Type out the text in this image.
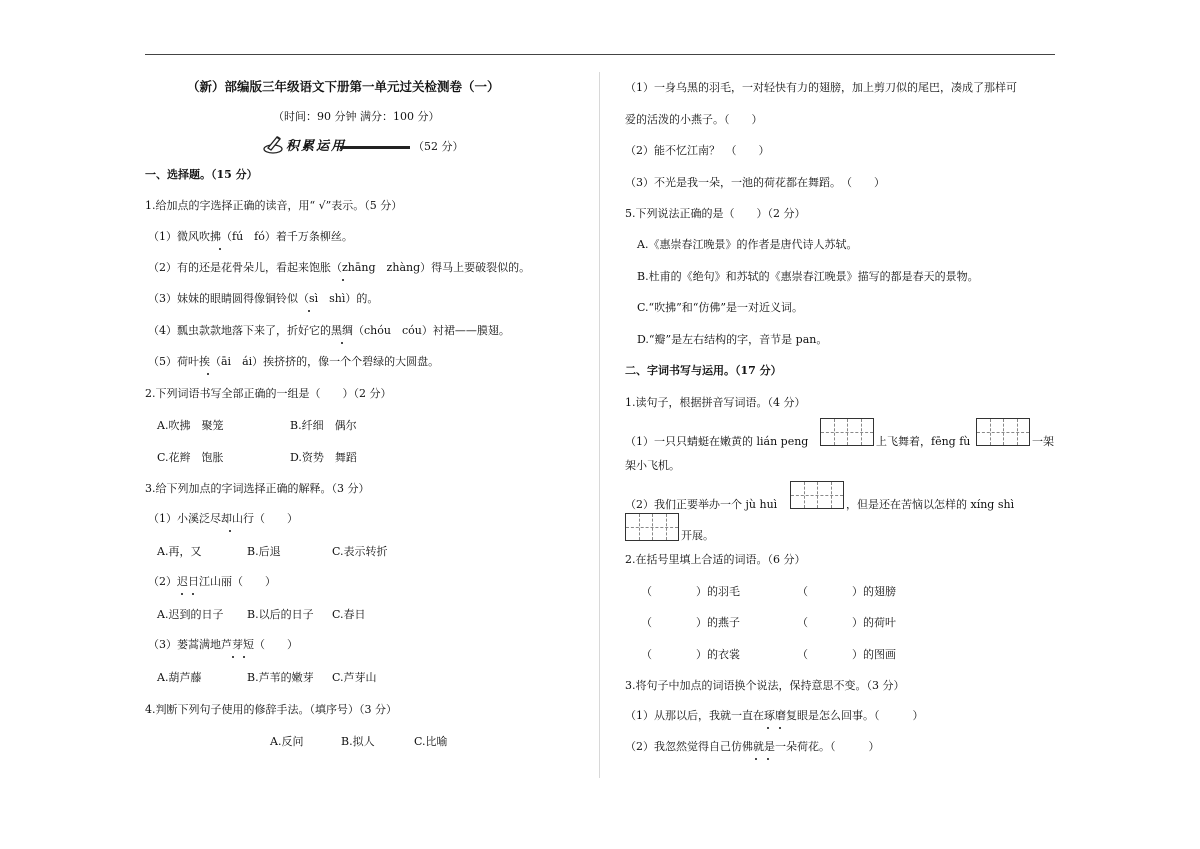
（新）部编版三年级语文下册第一单元过关检测卷（一）
（时间：90 分钟 满分：100 分）
积累运用	（52 分）
一、选择题。（15 分）
1.给加点的字选择正确的读音，用“ √”表示。（5 分）
（1）微风吹拂（fú　fó）着千万条柳丝。
（2）有的还是花骨朵儿，看起来饱胀（zhāng　zhàng）得马上要破裂似的。
（3）妹妹的眼睛圆得像铜铃似（sì　shì）的。
（4）瓢虫款款地落下来了，折好它的黑绸（chóu　cóu）衬裙——膜翅。
（5）荷叶挨（āi　ái）挨挤挤的，像一个个碧绿的大圆盘。
2.下列词语书写全部正确的一组是（　　）（2 分）
A.吹拂　聚笼	B.纤细　偶尔
C.花辫　饱胀	D.资势　舞蹈
3.给下列加点的字词选择正确的解释。（3 分）
（1）小溪泛尽却山行（　　）
A.再，又	B.后退	C.表示转折
（2）迟日江山丽（　　）
A.迟到的日子 B.以后的日子 C.春日
（3）蒌蒿满地芦芽短（　　）
A.葫芦藤	B.芦苇的嫩芽 C.芦芽山
4.判断下列句子使用的修辞手法。（填序号）（3 分）
A.反问	B.拟人	C.比喻
（1）一身乌黑的羽毛，一对轻快有力的翅膀，加上剪刀似的尾巴，凑成了那样可
爱的活泼的小燕子。（　　）
（2）能不忆江南？　（　　）
（3）不光是我一朵，一池的荷花都在舞蹈。　（　　）
5.下列说法正确的是（　　）（2 分）
A.《惠崇春江晚景》的作者是唐代诗人苏轼。
B.杜甫的《绝句》和苏轼的《惠崇春江晚景》描写的都是春天的景物。
C.“吹拂”和“仿佛”是一对近义词。
D.“瓣”是左右结构的字，音节是 pan。
二、字词书写与运用。（17 分）
1.读句子，根据拼音写词语。（4 分）
（1）一只只蜻蜓在嫩黄的 lián peng	上飞舞着，fēng fù	一架
架小飞机。
（2）我们正要举办一个 jù huì	，但是还在苦恼以怎样的 xíng shì
开展。
2.在括号里填上合适的词语。（6 分）
（　　　　）的羽毛	（　　　　）的翅膀
（　　　　）的燕子	（　　　　）的荷叶
（　　　　）的衣裳	（　　　　）的图画
3.将句子中加点的词语换个说法，保持意思不变。（3 分）
（1）从那以后，我就一直在琢磨复眼是怎么回事。（　　　）
（2）我忽然觉得自己仿佛就是一朵荷花。（　　　）
